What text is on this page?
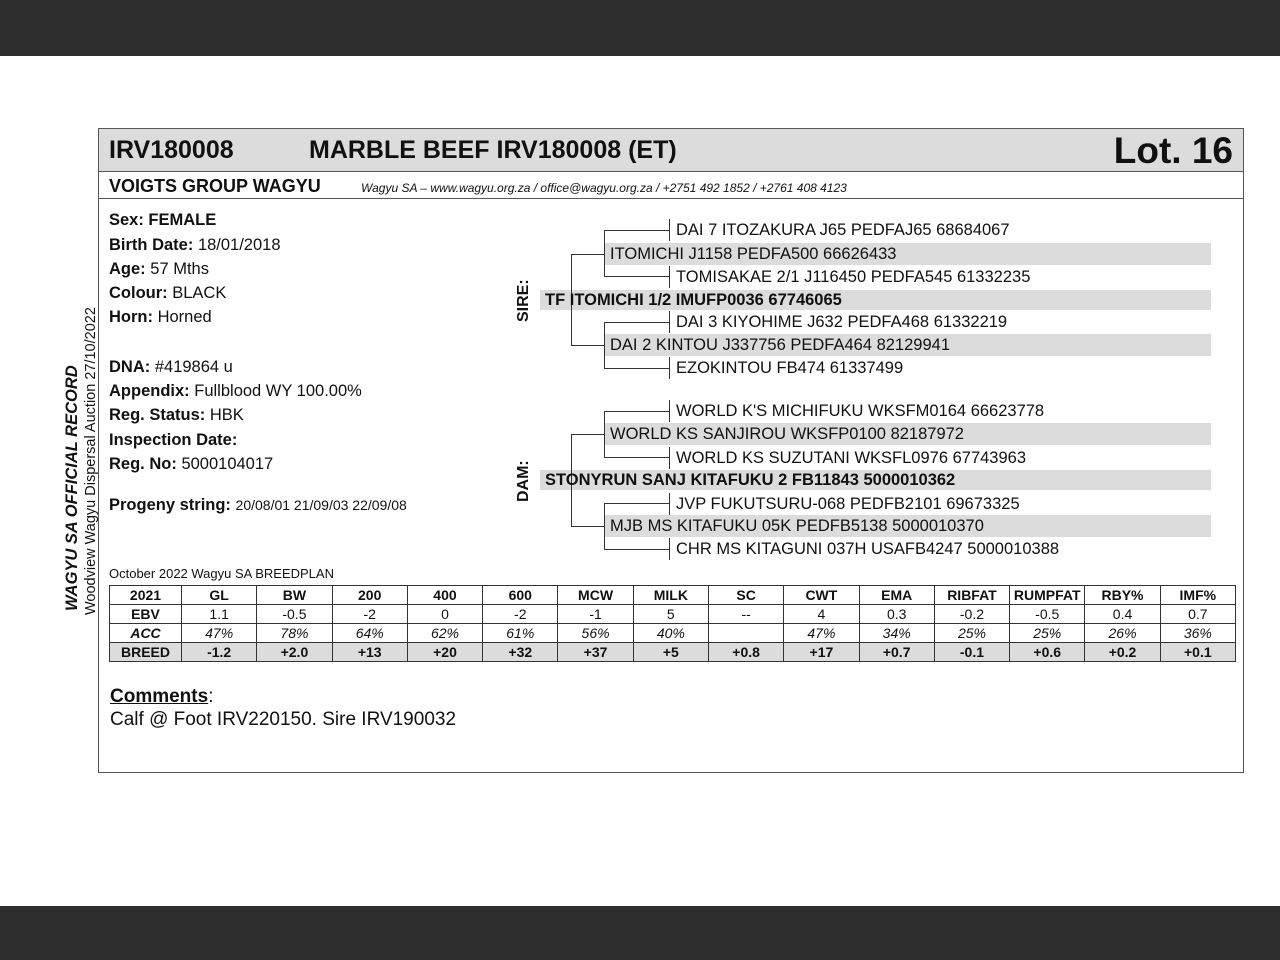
IRV180008	MARBLE BEEF IRV180008 (ET)	Lot. 16
VOIGTS GROUP WAGYU	Wagyu SA – www.wagyu.org.za / office@wagyu.org.za / +2751 492 1852 / +2761 408 4123
WAGYU SA OFFICIAL RECORD Woodview Wagyu Dispersal Auction 27/10/2022
Sex: FEMALE
Birth Date: 18/01/2018
Age: 57 Mths
Colour: BLACK
Horn: Horned
DNA: #419864 u
Appendix: Fullblood WY 100.00%
Reg. Status: HBK
Inspection Date:
Reg. No: 5000104017
Progeny string: 20/08/01 21/09/03 22/09/08
SIRE:
DAM:
DAI 7 ITOZAKURA J65 PEDFAJ65 68684067
ITOMICHI J1158 PEDFA500 66626433
TOMISAKAE 2/1 J116450 PEDFA545 61332235
TF ITOMICHI 1/2 IMUFP0036 67746065
DAI 3 KIYOHIME J632 PEDFA468 61332219
DAI 2 KINTOU J337756 PEDFA464 82129941
EZOKINTOU FB474 61337499
WORLD K'S MICHIFUKU WKSFM0164 66623778
WORLD KS SANJIROU WKSFP0100 82187972
WORLD KS SUZUTANI WKSFL0976 67743963
STONYRUN SANJ KITAFUKU 2 FB11843 5000010362
JVP FUKUTSURU-068 PEDFB2101 69673325
MJB MS KITAFUKU 05K PEDFB5138 5000010370
CHR MS KITAGUNI 037H USAFB4247 5000010388
October 2022 Wagyu SA BREEDPLAN
2021	GL	BW	200	400	600	MCW	MILK	SC	CWT	EMA	RIBFAT	RUMPFAT	RBY%	IMF%
EBV	1.1	-0.5	-2	0	-2	-1	5	--	4	0.3	-0.2	-0.5	0.4	0.7
ACC	47%	78%	64%	62%	61%	56%	40%		47%	34%	25%	25%	26%	36%
BREED	-1.2	+2.0	+13	+20	+32	+37	+5	+0.8	+17	+0.7	-0.1	+0.6	+0.2	+0.1
Comments:
Calf @ Foot IRV220150. Sire IRV190032
